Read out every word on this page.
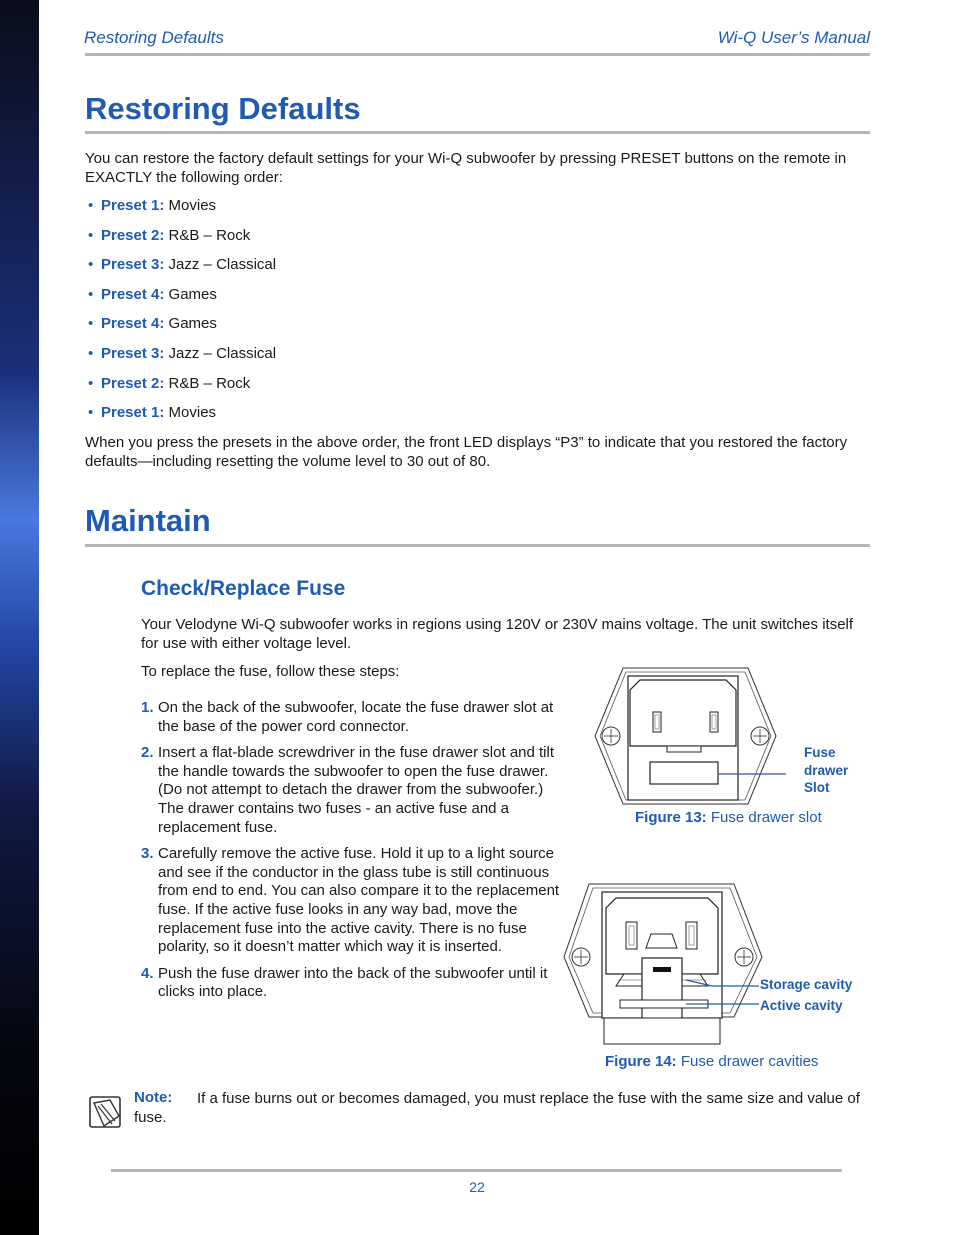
Restoring Defaults	Wi-Q User’s Manual
Restoring Defaults

You can restore the factory default settings for your Wi-Q subwoofer by pressing PRESET buttons on the remote in EXACTLY the following order:

• Preset 1: Movies
• Preset 2: R&B – Rock
• Preset 3: Jazz – Classical
• Preset 4: Games
• Preset 4: Games
• Preset 3: Jazz – Classical
• Preset 2: R&B – Rock
• Preset 1: Movies

When you press the presets in the above order, the front LED displays “P3” to indicate that you restored the factory defaults—including resetting the volume level to 30 out of 80.

Maintain
Check/Replace Fuse

Your Velodyne Wi-Q subwoofer works in regions using 120V or 230V mains voltage. The unit switches itself for use with either voltage level.

To replace the fuse, follow these steps:

1. On the back of the subwoofer, locate the fuse drawer slot at the base of the power cord connector.
2. Insert a flat-blade screwdriver in the fuse drawer slot and tilt the handle towards the subwoofer to open the fuse drawer. (Do not attempt to detach the drawer from the subwoofer.) The drawer contains two fuses - an active fuse and a replacement fuse.
3. Carefully remove the active fuse. Hold it up to a light source and see if the conductor in the glass tube is still continuous from end to end. You can also compare it to the replacement fuse. If the active fuse looks in any way bad, move the replacement fuse into the active cavity. There is no fuse polarity, so it doesn’t matter which way it is inserted.
4. Push the fuse drawer into the back of the subwoofer until it clicks into place.
Fuse
drawer
Slot
Figure 13: Fuse drawer slot
Storage cavity
Active cavity
Figure 14: Fuse drawer cavities
Note:	If a fuse burns out or becomes damaged, you must replace the fuse with the same size and value of fuse.

22
